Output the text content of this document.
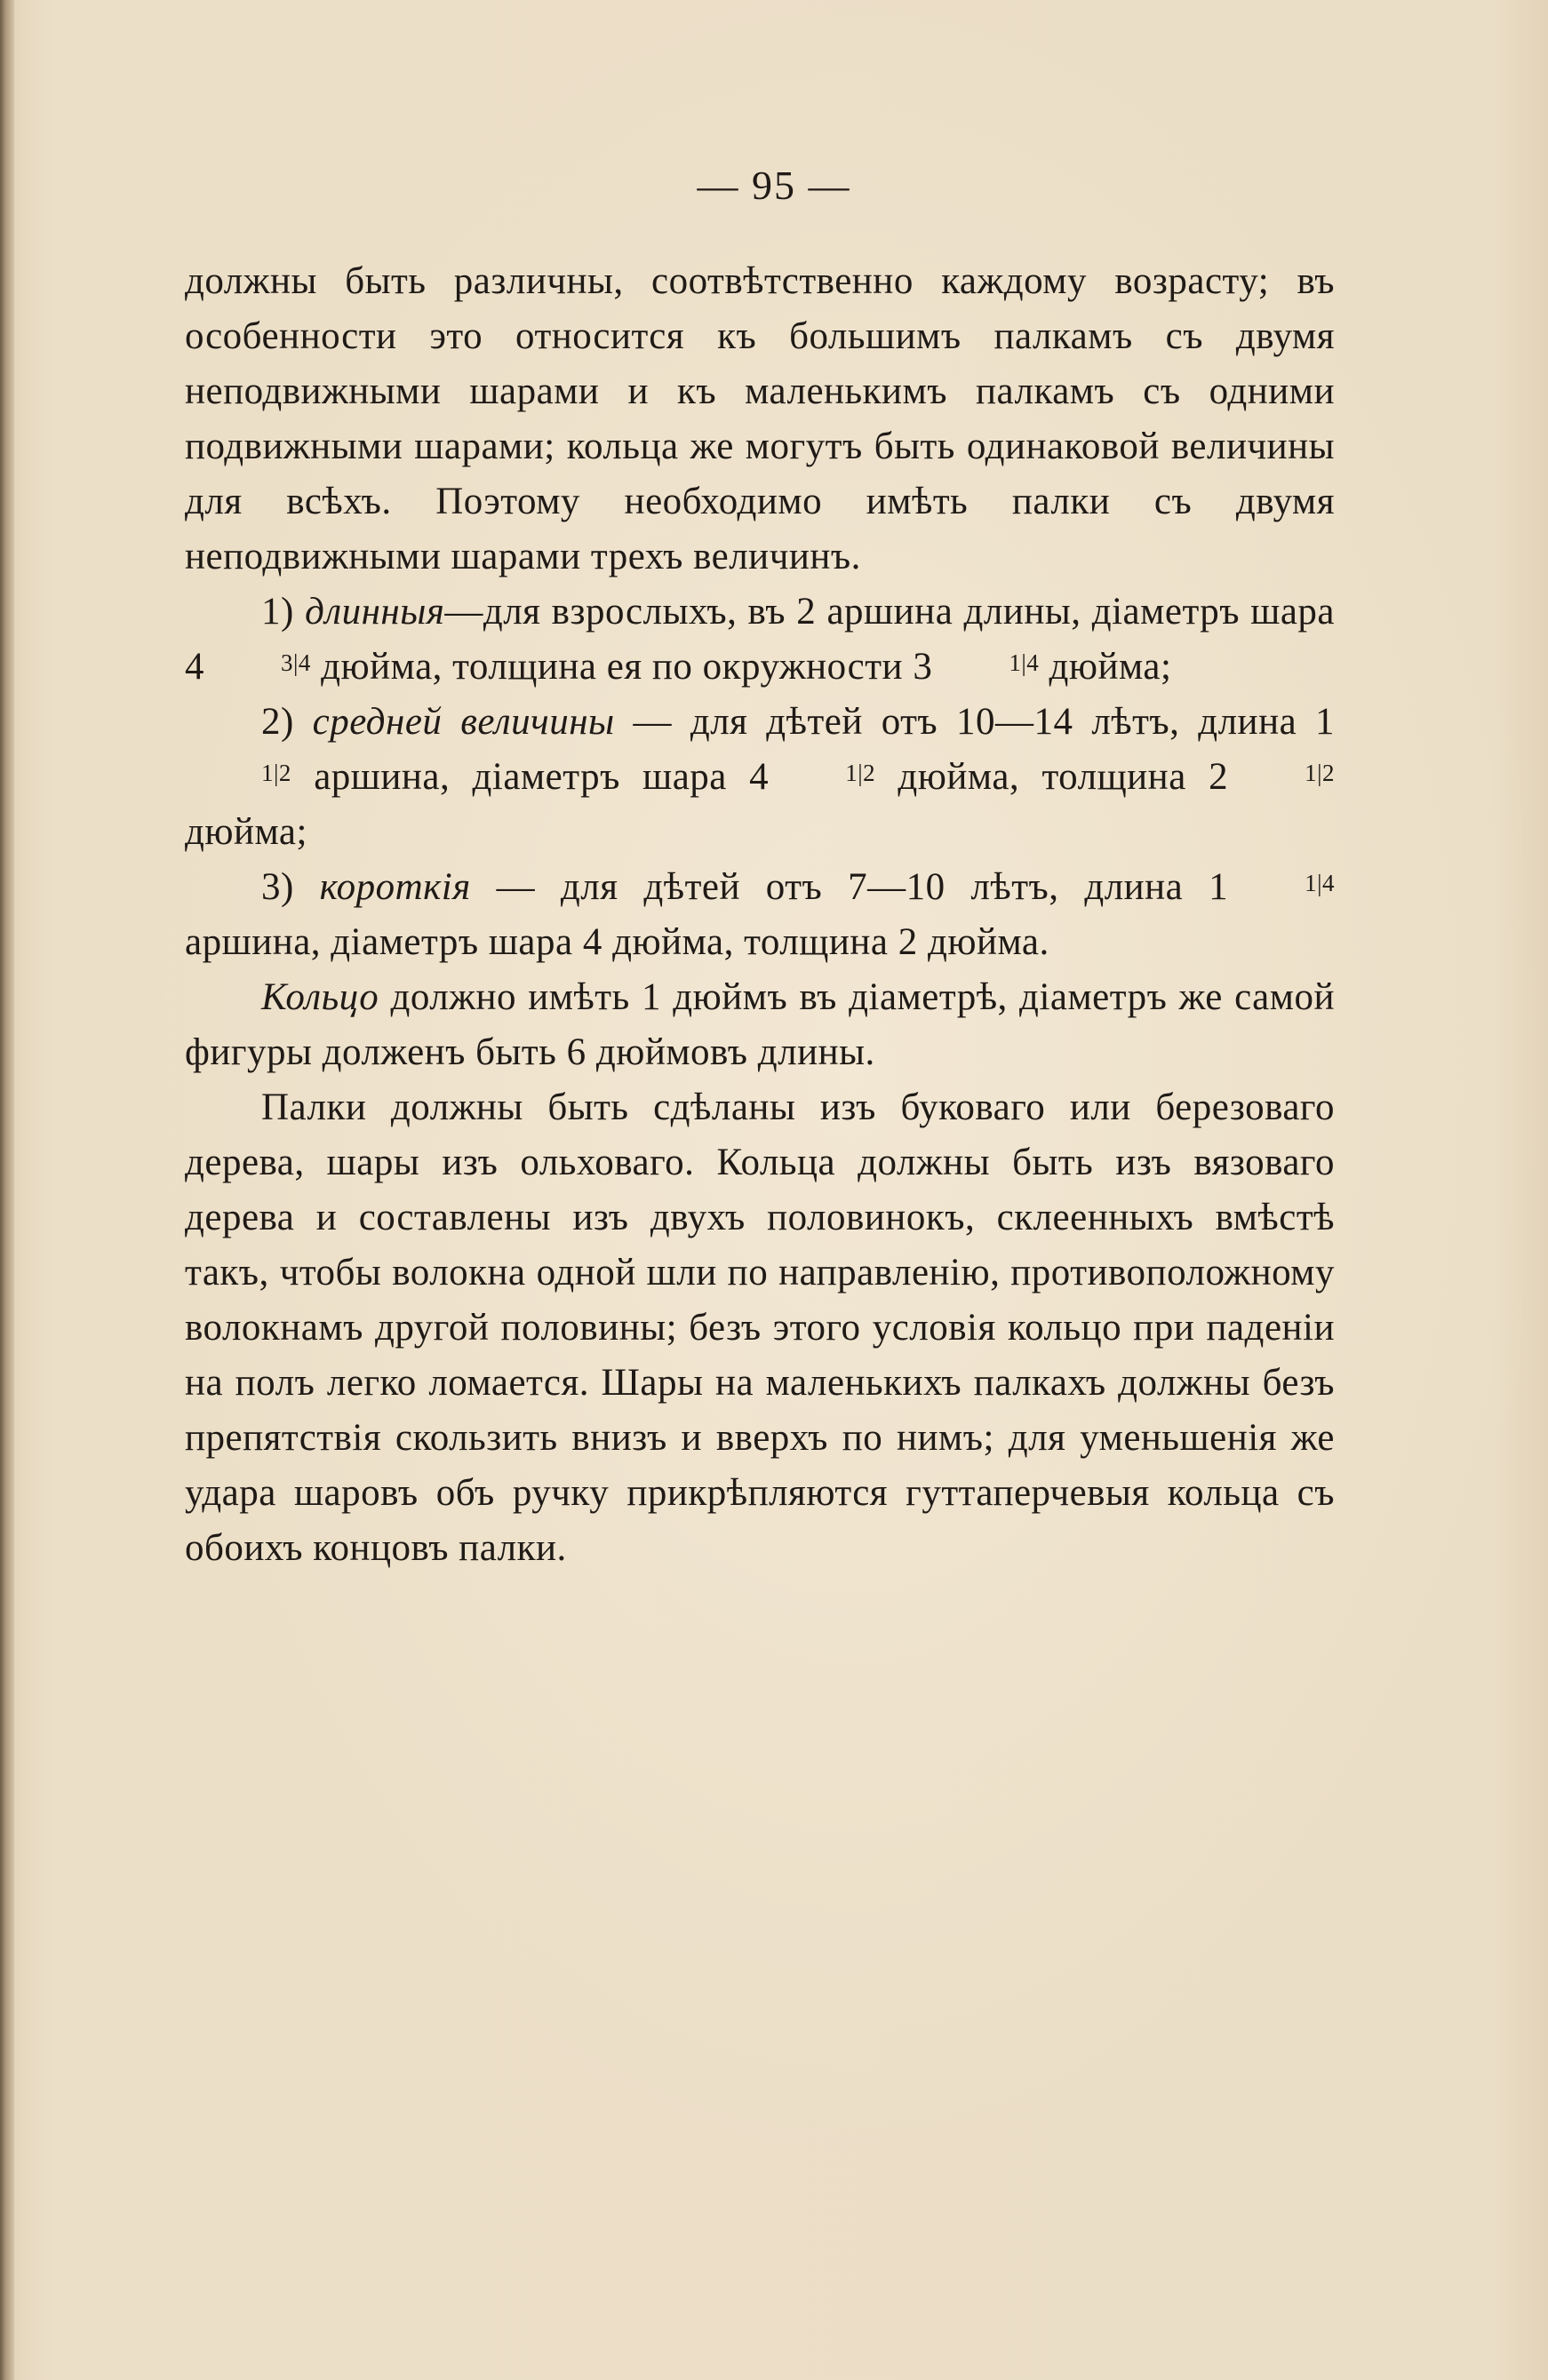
— 95 —

должны быть различны, соотвѣтственно каждому возрасту; въ особенности это относится къ большимъ палкамъ съ двумя неподвижными шарами и къ маленькимъ палкамъ съ одними подвижными шарами; кольца же могутъ быть одинаковой величины для всѣхъ. Поэтому необходимо имѣть палки съ двумя неподвижными шарами трехъ величинъ.

1) длинныя—для взрослыхъ, въ 2 аршина длины, діаметръ шара 4	3|4 дюйма, толщина ея по окружности 3	1|4 дюйма;

2) средней величины — для дѣтей отъ 10—14 лѣтъ, длина 11|2 аршина, діаметръ шара 4	1|2 дюйма, толщина 2	1|2 дюйма;

3) короткія — для дѣтей отъ 7—10 лѣтъ, длина 1	1|4 аршина, діаметръ шара 4 дюйма, толщина 2 дюйма.

Кольцо должно имѣть 1 дюймъ въ діаметрѣ, діаметръ же самой фигуры долженъ быть 6 дюймовъ длины.

Палки должны быть сдѣланы изъ буковаго или березоваго дерева, шары изъ ольховаго. Кольца должны быть изъ вязоваго дерева и составлены изъ двухъ половинокъ, склеенныхъ вмѣстѣ такъ, чтобы волокна одной шли по направленію, противоположному волокнамъ другой половины; безъ этого условія кольцо при паденіи на полъ легко ломается. Шары на маленькихъ палкахъ должны безъ препятствія скользить внизъ и вверхъ по нимъ; для уменьшенія же удара шаровъ объ ручку прикрѣпляются гуттаперчевыя кольца съ обоихъ концовъ палки.
